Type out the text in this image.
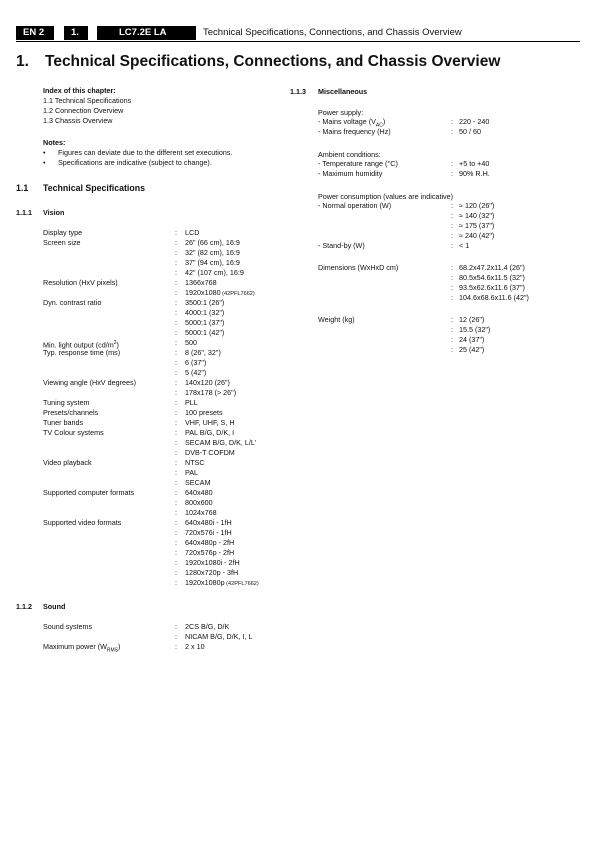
EN 2	1.	LC7.2E LA	Technical Specifications, Connections, and Chassis Overview
1. Technical Specifications, Connections, and Chassis Overview
Index of this chapter:
1.1 Technical Specifications
1.2 Connection Overview
1.3 Chassis Overview
Notes:
• Figures can deviate due to the different set executions.
• Specifications are indicative (subject to change).
1.1 Technical Specifications
1.1.1 Vision
Display type	:	LCD
Screen size	:	26" (66 cm), 16:9
:	32" (82 cm), 16:9
:	37" (94 cm), 16:9
:	42" (107 cm), 16:9
Resolution (HxV pixels)	:	1366x768
:	1920x1080 (42PFL7662)
Dyn. contrast ratio	:	3500:1 (26")
:	4000:1 (32")
:	5000:1 (37")
:	5000:1 (42")
Min. light output $(cd/m^2)$	:	500
Typ. response time (ms)	:	8 (26", 32")
:	6 (37")
:	5 (42")
Viewing angle (HxV degrees)	:	140x120 (26")
:	178x178 (> 26")
Tuning system	:	PLL
Presets/channels	:	100 presets
Tuner bands	:	VHF, UHF, S, H
TV Colour systems	:	PAL B/G, D/K, I
:	SECAM B/G, D/K, L/L'
:	DVB-T COFDM
Video playback	:	NTSC
:	PAL
:	SECAM
Supported computer formats	:	640x480
:	800x600
:	1024x768
Supported video formats	:	640x480i - 1fH
:	720x576i - 1fH
:	640x480p - 2fH
:	720x576p - 2fH
:	1920x1080i - 2fH
:	1280x720p - 3fH
:	1920x1080p (42PFL7662)
1.1.2 Sound
Sound systems	:	2CS B/G, D/K
:	NICAM B/G, D/K, I, L
Maximum power $(W_{RMS})$	:	2 x 10
1.1.3 Miscellaneous
Power supply:
- Mains voltage $(V_{AC})$	: 220 - 240
- Mains frequency (Hz)	: 50 / 60
Ambient conditions:
- Temperature range (°C)	: +5 to +40
- Maximum humidity	: 90% R.H.
Power consumption (values are indicative)
- Normal operation (W)	: ≈ 120 (26")
: ≈ 140 (32")
: ≈ 175 (37")
: ≈ 240 (42")
- Stand-by (W)	: < 1
Dimensions (WxHxD cm)	: 68.2x47.2x11.4 (26")
: 80.5x54.6x11.5 (32")
: 93.5x62.6x11.6 (37")
: 104.6x68.6x11.6 (42")
Weight (kg)	: 12 (26")
: 15.5 (32")
: 24 (37")
: 25 (42")
